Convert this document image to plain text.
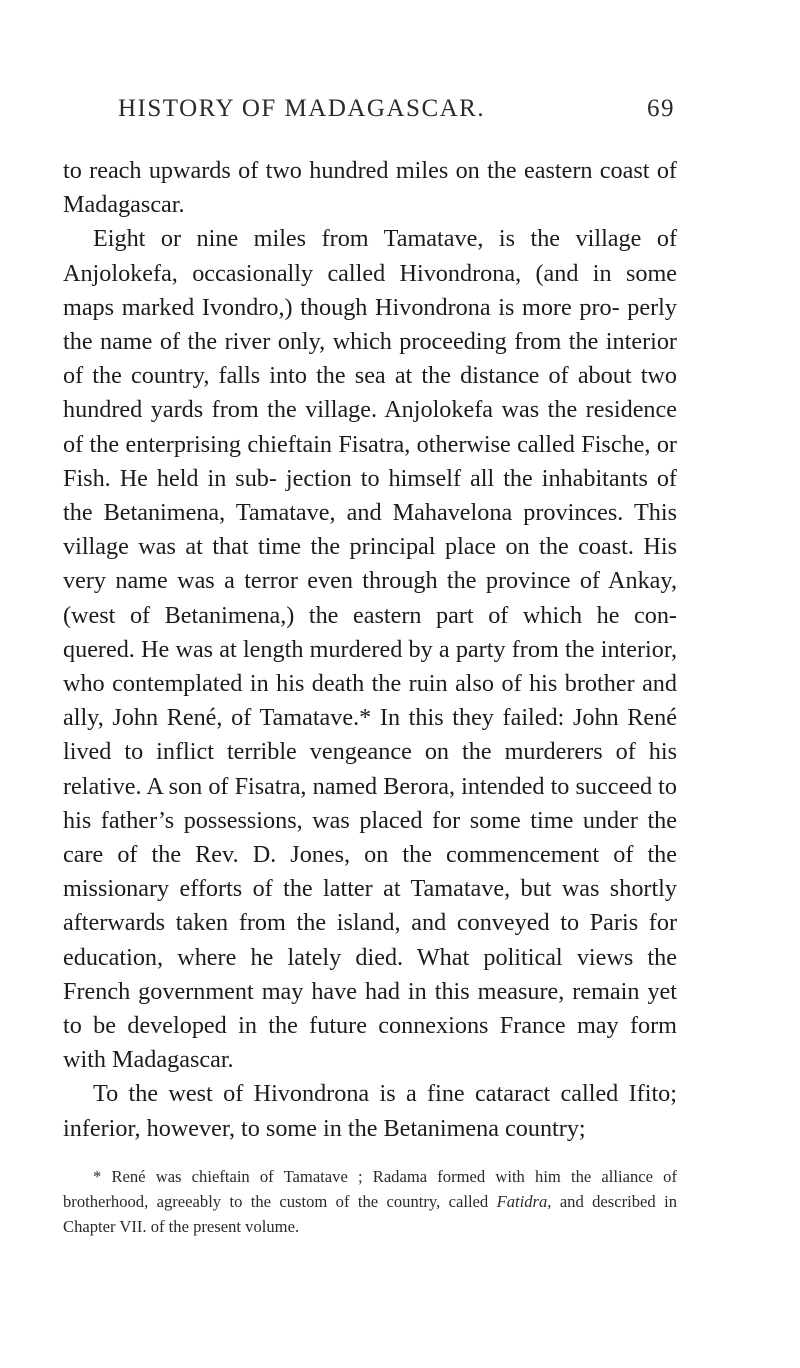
HISTORY OF MADAGASCAR.	69

to reach upwards of two hundred miles on the eastern coast of Madagascar.

Eight or nine miles from Tamatave, is the village of Anjolokefa, occasionally called Hivondrona, (and in some maps marked Ivondro,) though Hivondrona is more pro- perly the name of the river only, which proceeding from the interior of the country, falls into the sea at the distance of about two hundred yards from the village. Anjolokefa was the residence of the enterprising chieftain Fisatra, otherwise called Fische, or Fish. He held in sub- jection to himself all the inhabitants of the Betanimena, Tamatave, and Mahavelona provinces. This village was at that time the principal place on the coast. His very name was a terror even through the province of Ankay, (west of Betanimena,) the eastern part of which he con- quered. He was at length murdered by a party from the interior, who contemplated in his death the ruin also of his brother and ally, John René, of Tamatave.* In this they failed: John René lived to inflict terrible vengeance on the murderers of his relative. A son of Fisatra, named Berora, intended to succeed to his father’s possessions, was placed for some time under the care of the Rev. D. Jones, on the commencement of the missionary efforts of the latter at Tamatave, but was shortly afterwards taken from the island, and conveyed to Paris for education, where he lately died. What political views the French government may have had in this measure, remain yet to be developed in the future connexions France may form with Madagascar.

To the west of Hivondrona is a fine cataract called Ifito; inferior, however, to some in the Betanimena country;

* René was chieftain of Tamatave ; Radama formed with him the alliance of brotherhood, agreeably to the custom of the country, called Fatidra, and described in Chapter VII. of the present volume.
